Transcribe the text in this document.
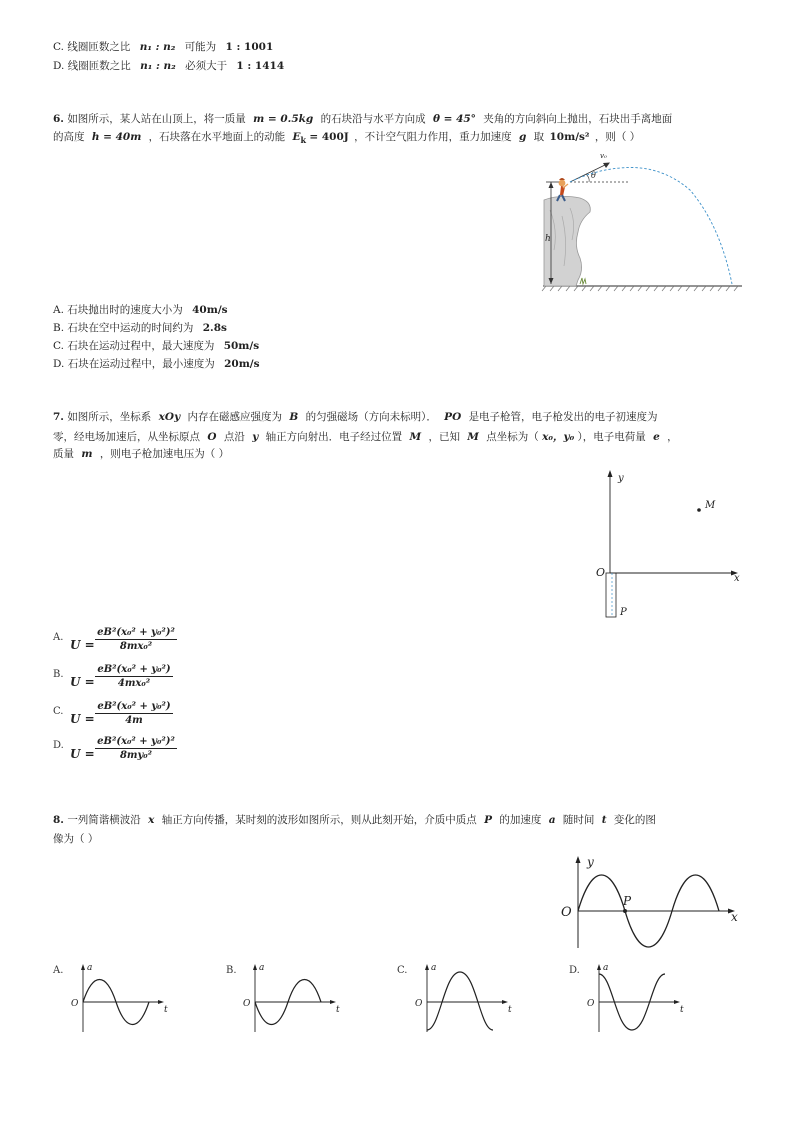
C. 线圈匝数之比 n₁ : n₂ 可能为 1 : 1001
D. 线圈匝数之比 n₁ : n₂ 必须大于 1 : 1414
6. 如图所示，某人站在山顶上，将一质量 m = 0.5kg 的石块沿与水平方向成 θ = 45° 夹角的方向斜向上抛出，石块出手离地面
的高度 h = 40m ，石块落在水平地面上的动能 $E_k = 400J$ ，不计空气阻力作用，重力加速度 g 取 10m/s² ，则（ ）
h
v₀
θ
A. 石块抛出时的速度大小为 40m/s
B. 石块在空中运动的时间约为 2.8s
C. 石块在运动过程中，最大速度为 50m/s
D. 石块在运动过程中，最小速度为 20m/s
7. 如图所示，坐标系 xOy 内存在磁感应强度为 B 的匀强磁场（方向未标明）． PO 是电子枪管，电子枪发出的电子初速度为
零，经电场加速后，从坐标原点 O 点沿 y 轴正方向射出．电子经过位置 M ，已知 M 点坐标为（ x₀，y₀ ），电子电荷量 e ，
质量 m ，则电子枪加速电压为（ ）
y
x
O
M
P
A.
$U = \frac{\text{eB²(x₀² + y₀²)²}}{\text{8mx₀²}}$
B.
$U = \frac{\text{eB²(x₀² + y₀²)}}{\text{4mx₀²}}$
C.
$U = \frac{\text{eB²(x₀² + y₀²)}}{4m}$
D.
$U = \frac{\text{eB²(x₀² + y₀²)²}}{\text{8my₀²}}$
8. 一列简谐横波沿 x 轴正方向传播，某时刻的波形如图所示，则从此刻开始，介质中质点 P 的加速度 a 随时间 t 变化的图
像为（ ）
y
x
O
P
A.	a
O
t
B. a
O
t
C.	a
O
t
D.	a
O
t
